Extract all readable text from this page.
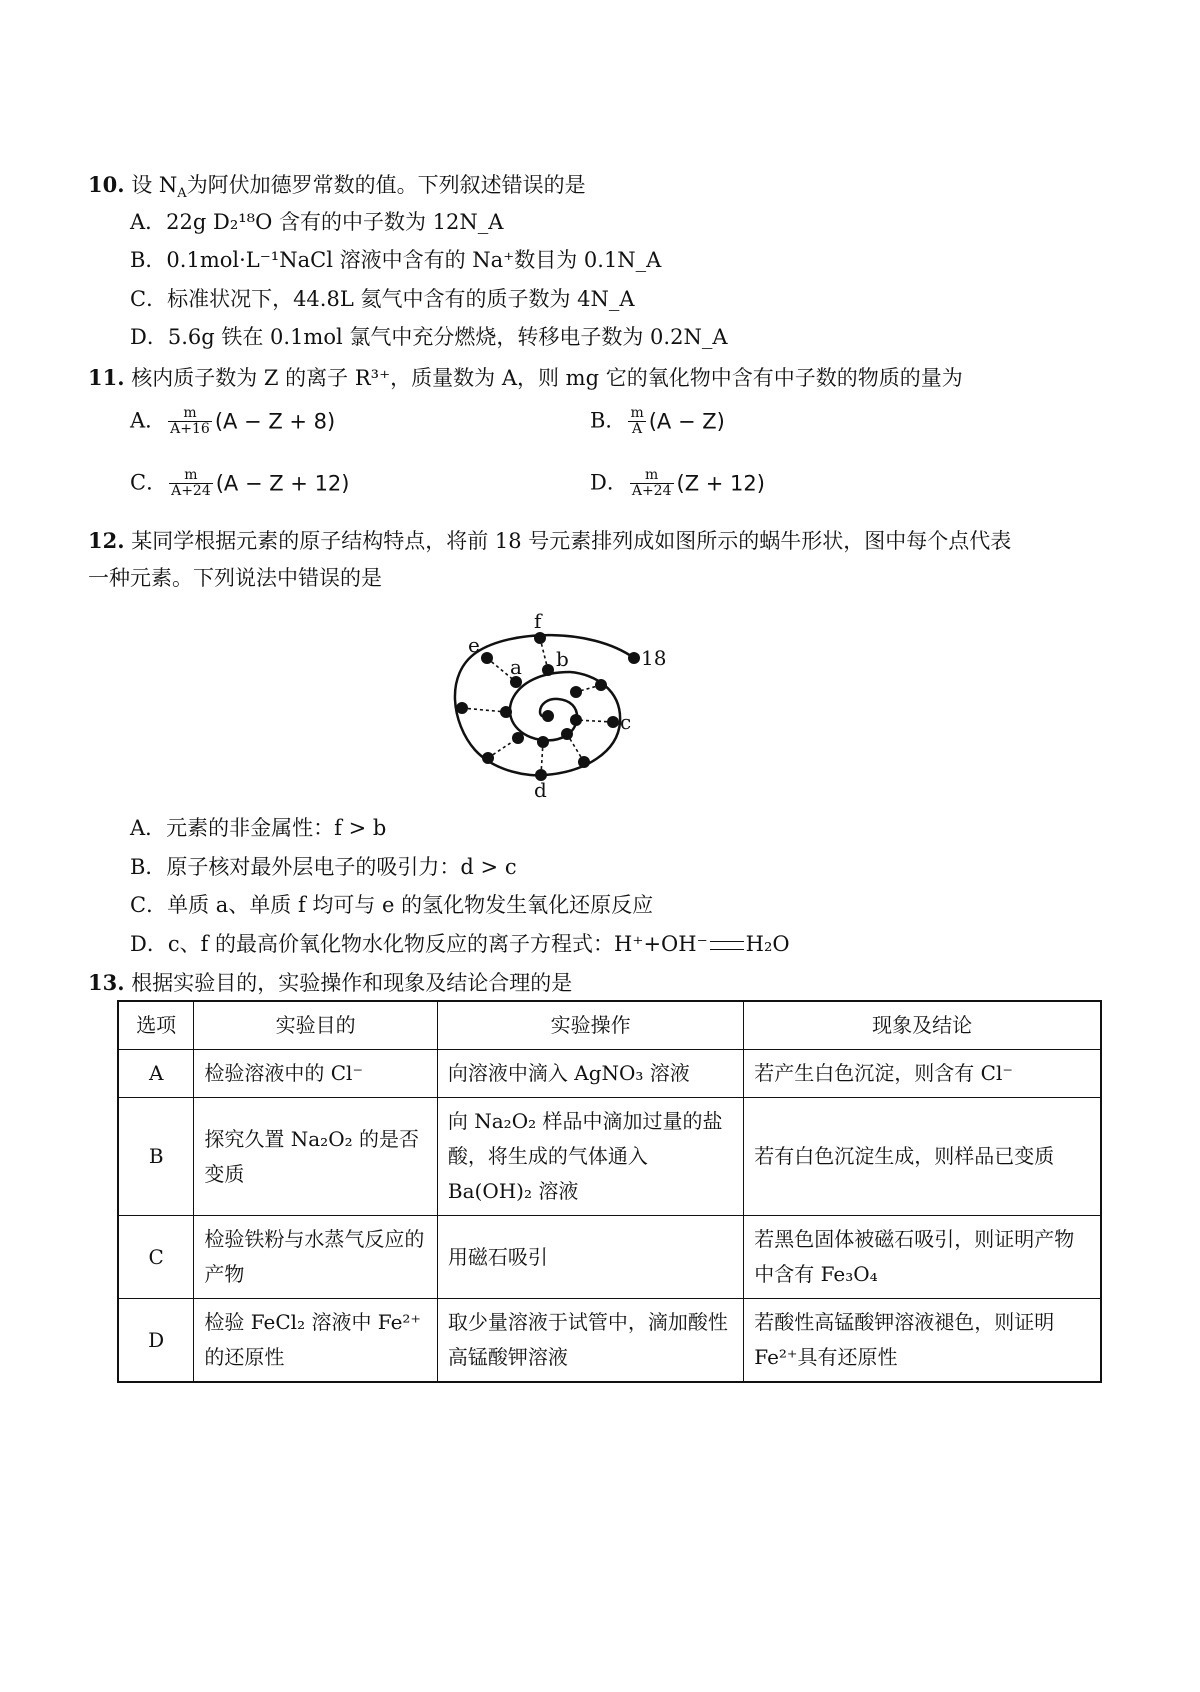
10. 设 $N_A$为阿伏加德罗常数的值。下列叙述错误的是
A．22g D₂¹⁸O 含有的中子数为 12N_A
B．0.1mol·L⁻¹NaCl 溶液中含有的 Na⁺数目为 0.1N_A
C．标准状况下，44.8L 氦气中含有的质子数为 4N_A
D．5.6g 铁在 0.1mol 氯气中充分燃烧，转移电子数为 0.2N_A
11. 核内质子数为 Z 的离子 R³⁺，质量数为 A，则 mg 它的氧化物中含有中子数的物质的量为
A． $\frac{m}{A+16} (A - Z + 8)$	B． $\frac{m}{A} (A - Z)$
C． $\frac{m}{A+24} (A - Z + 12)$	D． $\frac{m}{A+24} (Z + 12)$
12. 某同学根据元素的原子结构特点，将前 18 号元素排列成如图所示的蜗牛形状，图中每个点代表
一种元素。下列说法中错误的是
e
f
a b	18
c
d
A．元素的非金属性：f > b
B．原子核对最外层电子的吸引力：d > c
C．单质 a、单质 f 均可与 e 的氢化物发生氧化还原反应
D．c、f 的最高价氧化物水化物反应的离子方程式：H⁺+OH⁻ H₂O
13. 根据实验目的，实验操作和现象及结论合理的是
选项	实验目的	实验操作	现象及结论
A	检验溶液中的 Cl⁻	向溶液中滴入 AgNO₃ 溶液	若产生白色沉淀，则含有 Cl⁻
B	探究久置 Na₂O₂ 的是否变质	向 Na₂O₂ 样品中滴加过量的盐酸，将生成的气体通入 Ba(OH)₂ 溶液	若有白色沉淀生成，则样品已变质
C	检验铁粉与水蒸气反应的产物	用磁石吸引	若黑色固体被磁石吸引，则证明产物中含有 Fe₃O₄
D	检验 FeCl₂ 溶液中 Fe²⁺的还原性	取少量溶液于试管中，滴加酸性高锰酸钾溶液	若酸性高锰酸钾溶液褪色，则证明 Fe²⁺具有还原性
